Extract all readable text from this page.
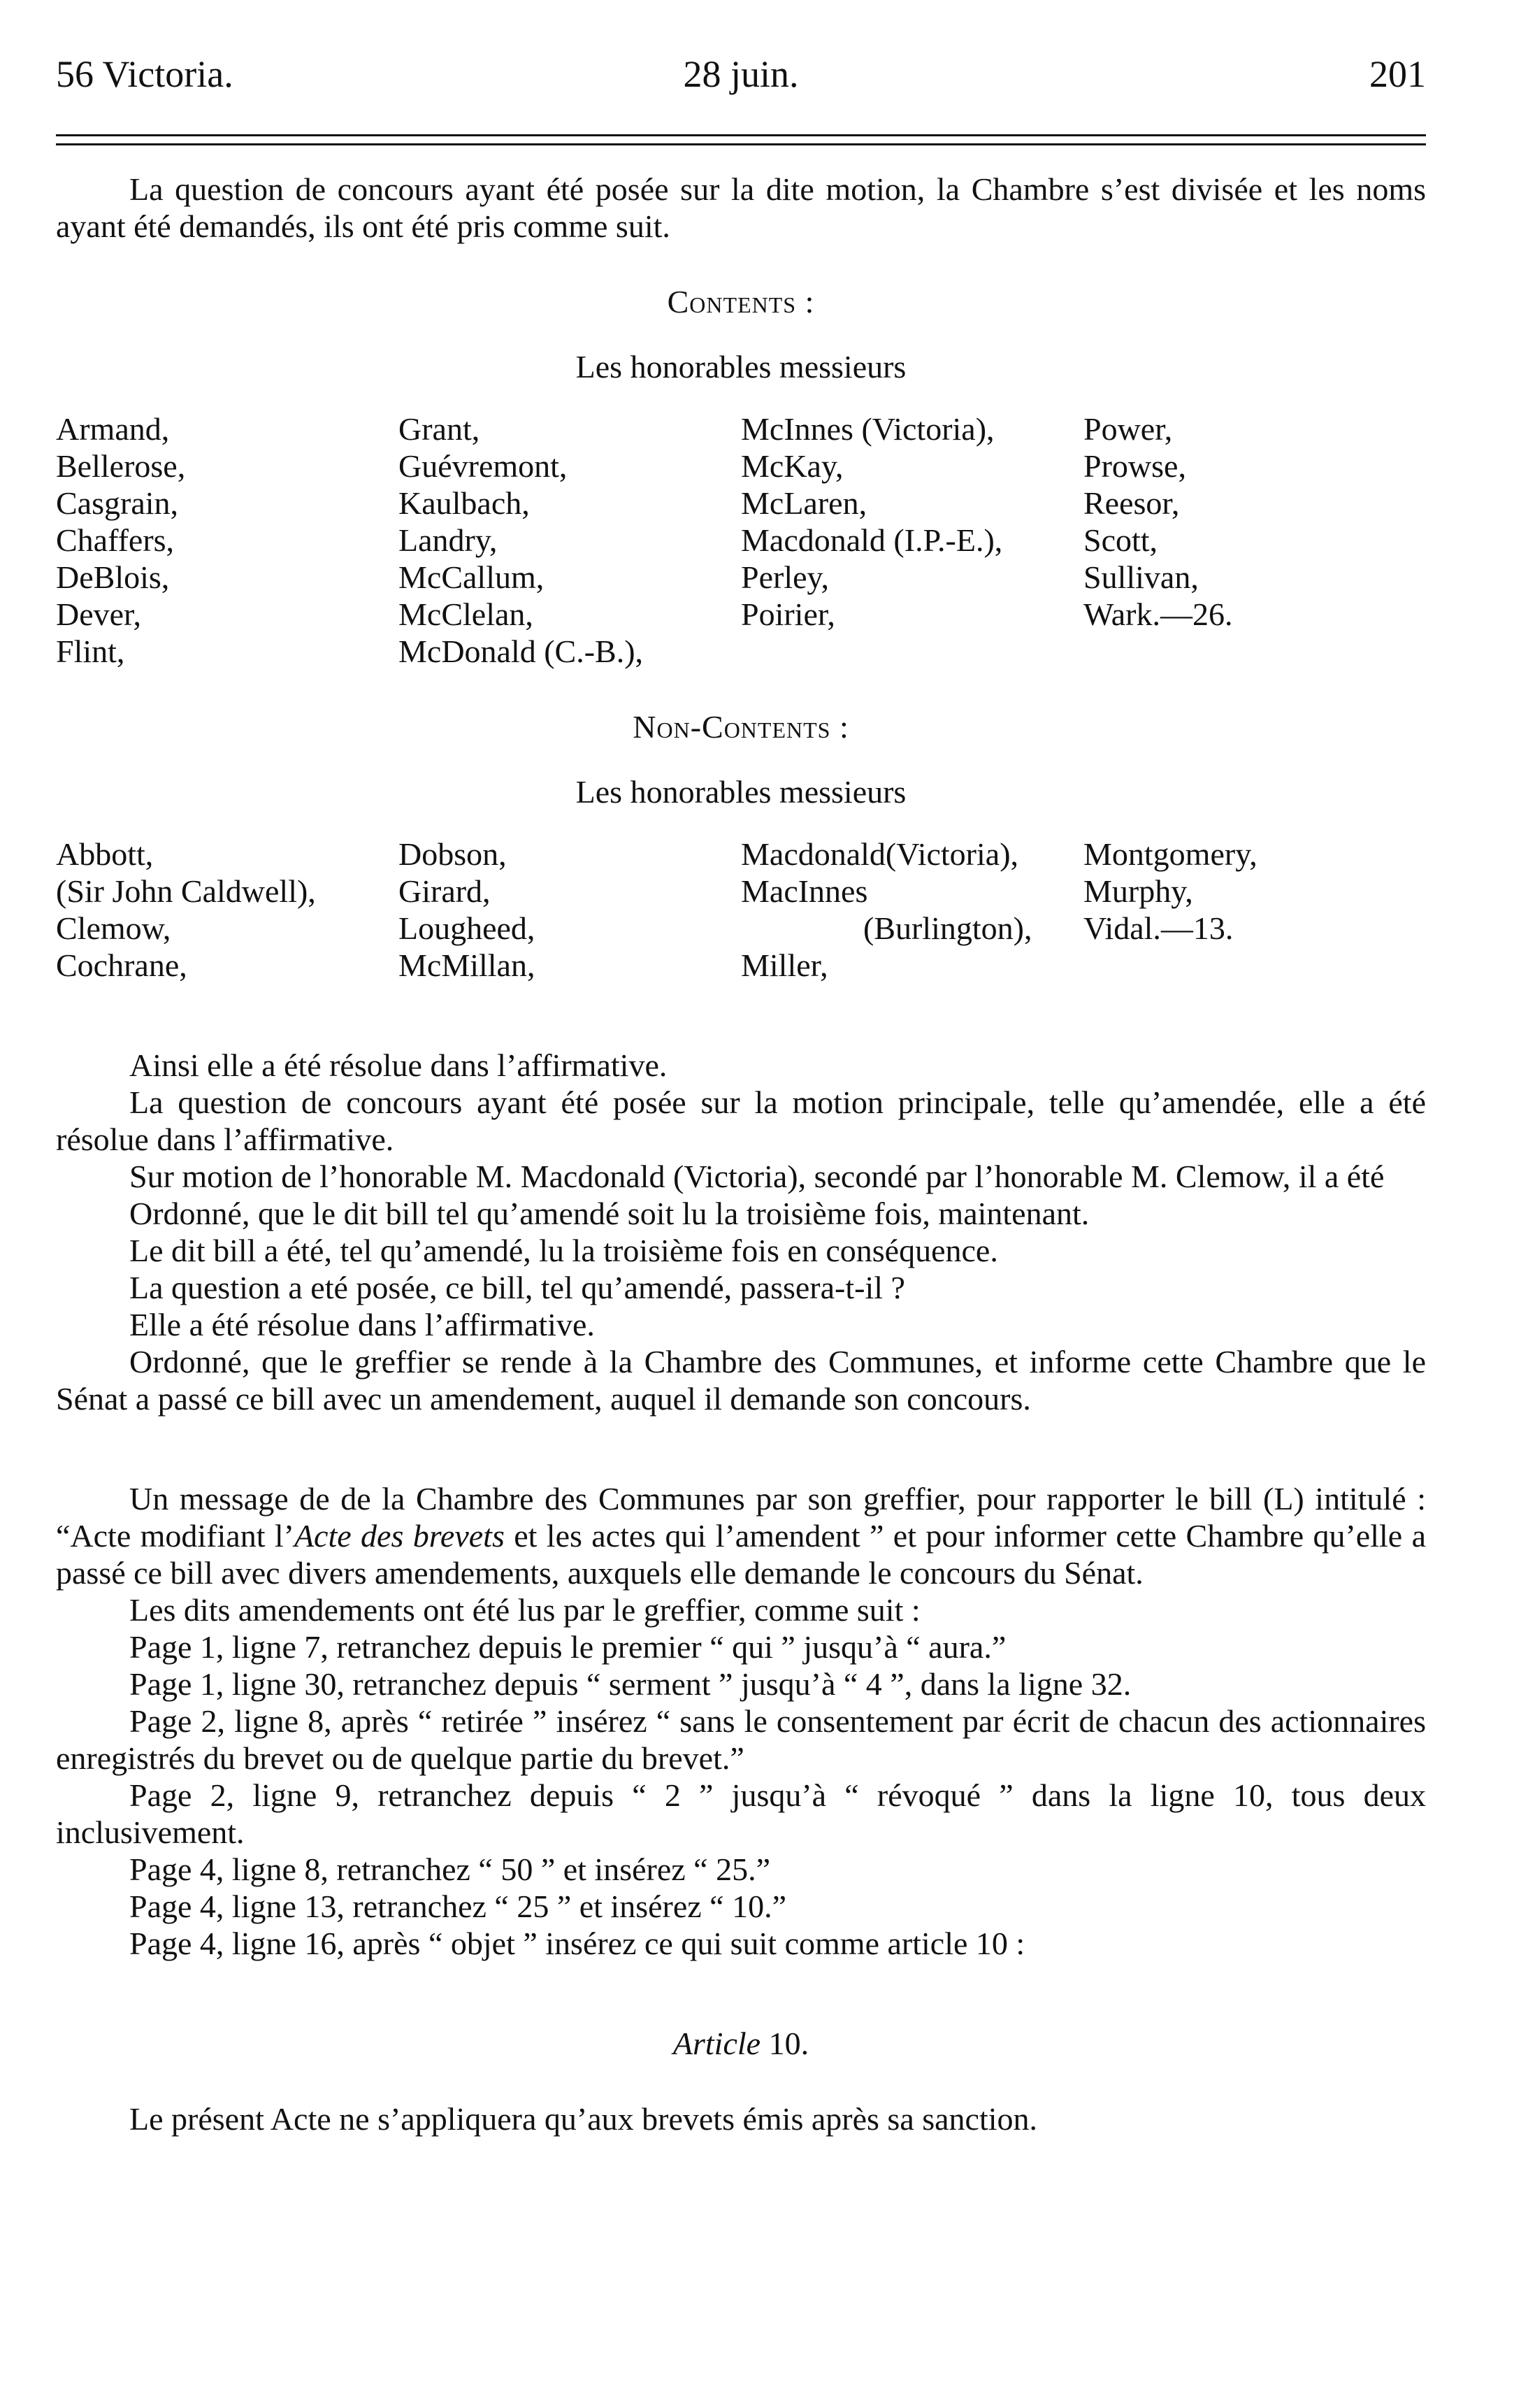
56 Victoria.	28 juin.	201

La question de concours ayant été posée sur la dite motion, la Chambre s’est divisée et les noms ayant été demandés, ils ont été pris comme suit.

Contents :
Les honorables messieurs
Armand,	Grant,	McInnes (Victoria),	Power,
Bellerose,	Guévremont,	McKay,	Prowse,
Casgrain,	Kaulbach,	McLaren,	Reesor,
Chaffers,	Landry,	Macdonald (I.P.-E.),	Scott,
DeBlois,	McCallum,	Perley,	Sullivan,
Dever,	McClelan,	Poirier,	Wark.—26.
Flint,	McDonald (C.-B.),
Non-Contents :
Les honorables messieurs
Abbott,	Dobson,	Macdonald(Victoria),	Montgomery,
(Sir John Caldwell),	Girard,	MacInnes	Murphy,
Clemow,	Lougheed,	(Burlington),	Vidal.—13.
Cochrane,	McMillan,	Miller,

Ainsi elle a été résolue dans l’affirmative.

La question de concours ayant été posée sur la motion principale, telle qu’amendée, elle a été résolue dans l’affirmative.

Sur motion de l’honorable M. Macdonald (Victoria), secondé par l’honorable M. Clemow, il a été

Ordonné, que le dit bill tel qu’amendé soit lu la troisième fois, maintenant.

Le dit bill a été, tel qu’amendé, lu la troisième fois en conséquence.

La question a eté posée, ce bill, tel qu’amendé, passera-t-il ?

Elle a été résolue dans l’affirmative.

Ordonné, que le greffier se rende à la Chambre des Communes, et informe cette Chambre que le Sénat a passé ce bill avec un amendement, auquel il demande son concours.

Un message de de la Chambre des Communes par son greffier, pour rapporter le bill (L) intitulé : “Acte modifiant l’Acte des brevets et les actes qui l’amendent ” et pour informer cette Chambre qu’elle a passé ce bill avec divers amendements, auxquels elle demande le concours du Sénat.

Les dits amendements ont été lus par le greffier, comme suit :

Page 1, ligne 7, retranchez depuis le premier “ qui ” jusqu’à “ aura.”

Page 1, ligne 30, retranchez depuis “ serment ” jusqu’à “ 4 ”, dans la ligne 32.

Page 2, ligne 8, après “ retirée ” insérez “ sans le consentement par écrit de chacun des actionnaires enregistrés du brevet ou de quelque partie du brevet.”

Page 2, ligne 9, retranchez depuis “ 2 ” jusqu’à “ révoqué ” dans la ligne 10, tous deux inclusivement.

Page 4, ligne 8, retranchez “ 50 ” et insérez “ 25.”

Page 4, ligne 13, retranchez “ 25 ” et insérez “ 10.”

Page 4, ligne 16, après “ objet ” insérez ce qui suit comme article 10 :

Article 10.

Le présent Acte ne s’appliquera qu’aux brevets émis après sa sanction.
